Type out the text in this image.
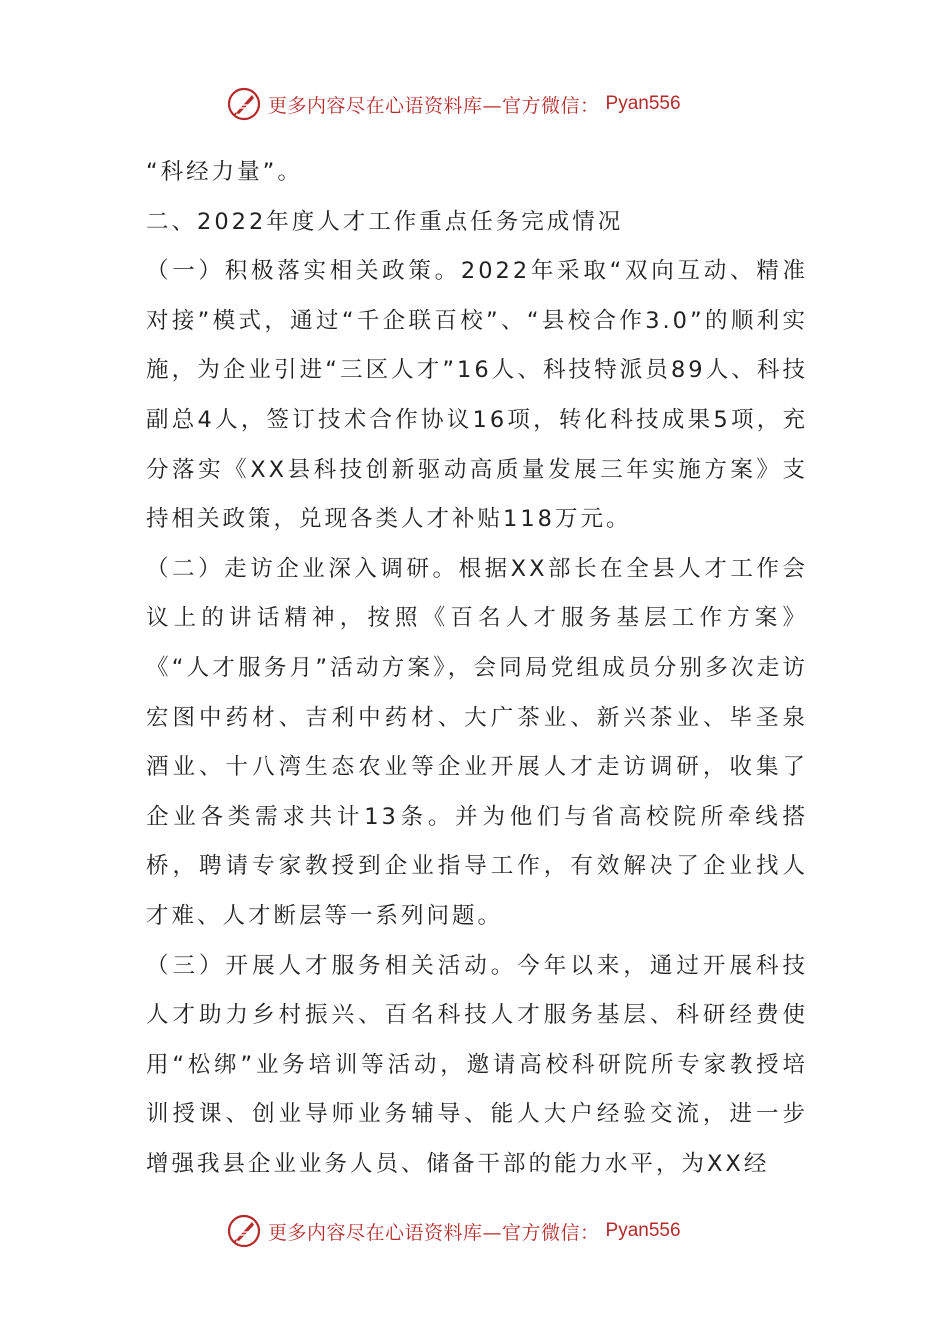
更多内容尽在心语资料库—官方微信： Pyan556

“科经力量”。

二、2022年度人才工作重点任务完成情况

（一）积极落实相关政策。2022年采取“双向互动、精准对接”模式，通过“千企联百校”、“县校合作3.0”的顺利实施，为企业引进“三区人才”16人、科技特派员89人、科技副总4人，签订技术合作协议16项，转化科技成果5项，充分落实《XX县科技创新驱动高质量发展三年实施方案》支持相关政策，兑现各类人才补贴118万元。

（二）走访企业深入调研。根据XX部长在全县人才工作会议上的讲话精神，按照《百名人才服务基层工作方案》《“人才服务月”活动方案》，会同局党组成员分别多次走访宏图中药材、吉利中药材、大广茶业、新兴茶业、毕圣泉酒业、十八湾生态农业等企业开展人才走访调研，收集了企业各类需求共计13条。并为他们与省高校院所牵线搭桥，聘请专家教授到企业指导工作，有效解决了企业找人才难、人才断层等一系列问题。

（三）开展人才服务相关活动。今年以来，通过开展科技人才助力乡村振兴、百名科技人才服务基层、科研经费使用“松绑”业务培训等活动，邀请高校科研院所专家教授培训授课、创业导师业务辅导、能人大户经验交流，进一步增强我县企业业务人员、储备干部的能力水平，为XX经

更多内容尽在心语资料库—官方微信： Pyan556
